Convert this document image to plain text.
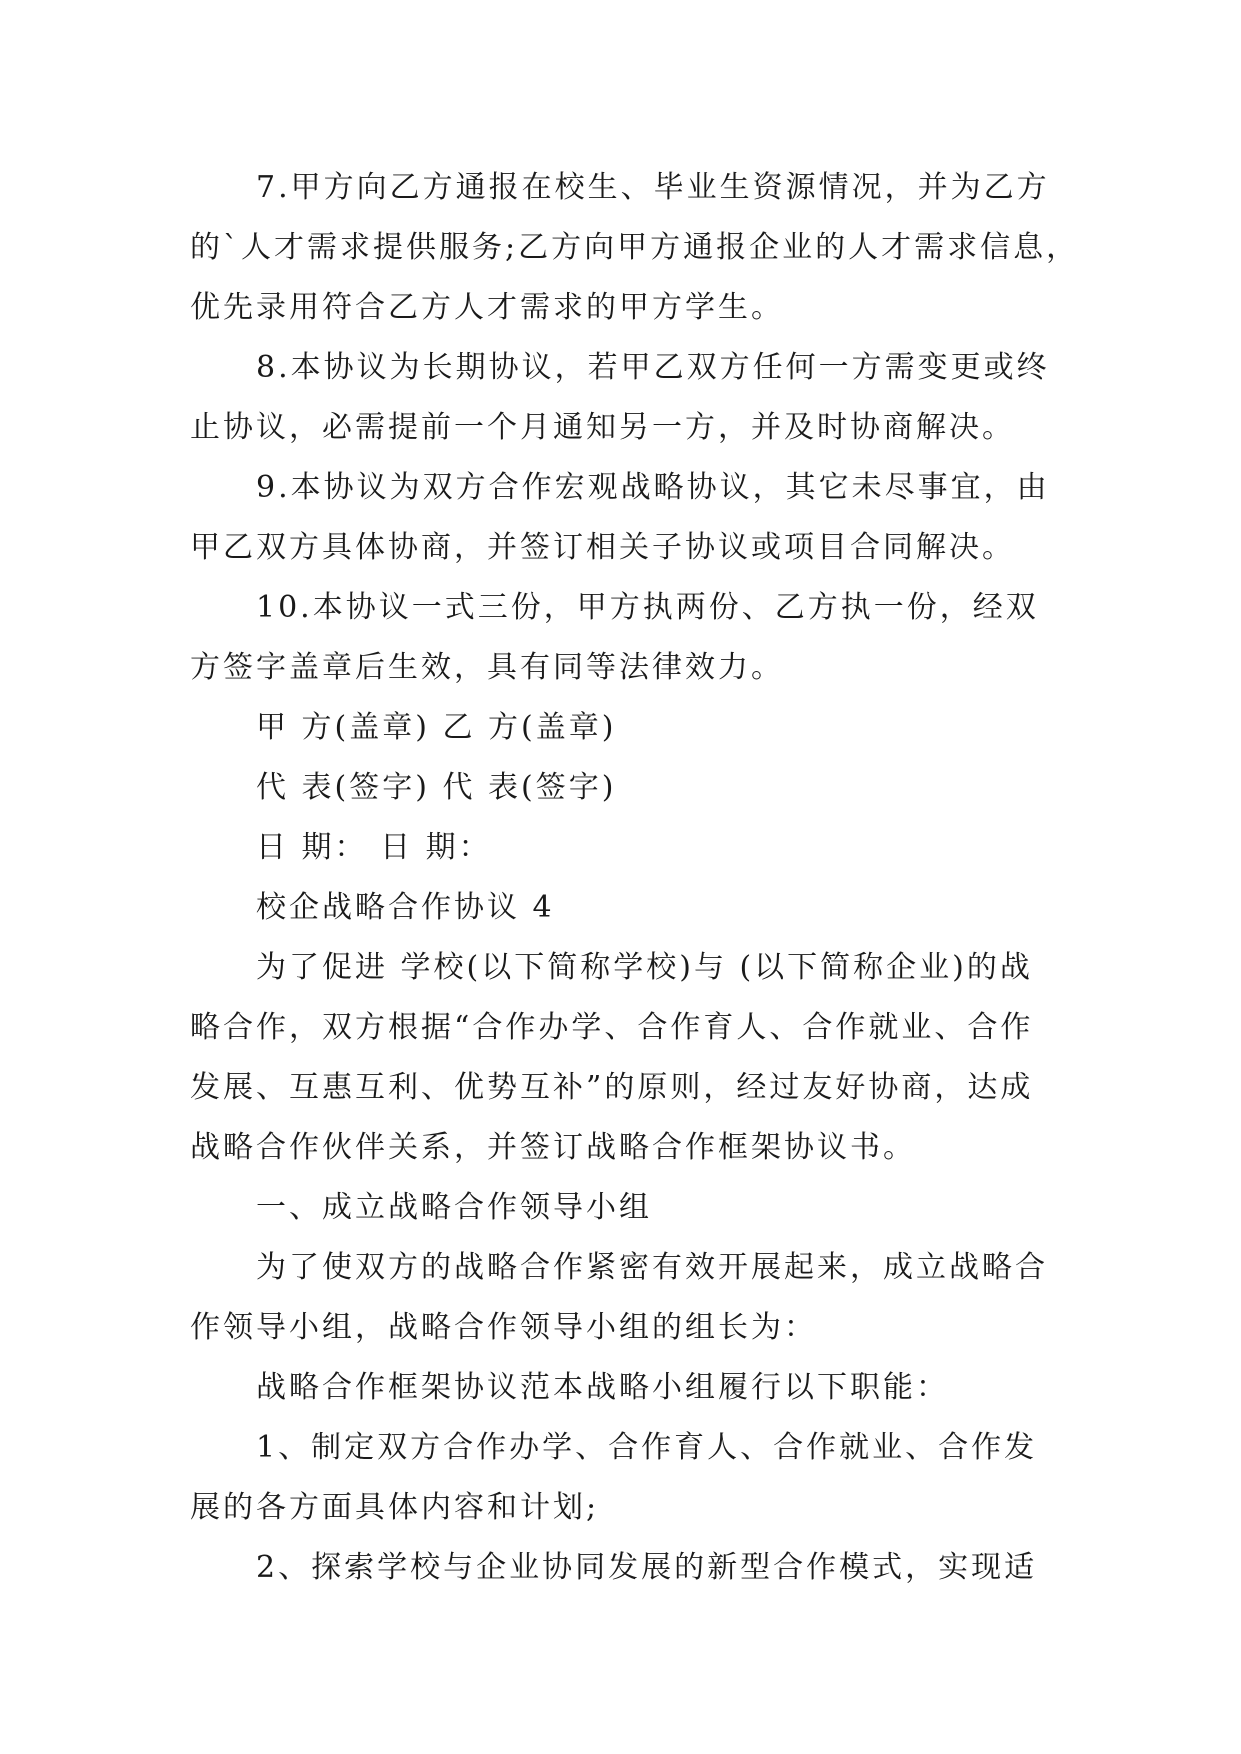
7.甲方向乙方通报在校生、毕业生资源情况，并为乙方
的`人才需求提供服务;乙方向甲方通报企业的人才需求信息，
优先录用符合乙方人才需求的甲方学生。
8.本协议为长期协议，若甲乙双方任何一方需变更或终
止协议，必需提前一个月通知另一方，并及时协商解决。
9.本协议为双方合作宏观战略协议，其它未尽事宜，由
甲乙双方具体协商，并签订相关子协议或项目合同解决。
10.本协议一式三份，甲方执两份、乙方执一份，经双
方签字盖章后生效，具有同等法律效力。
甲 方(盖章) 乙 方(盖章)
代 表(签字) 代 表(签字)
日 期： 日 期：
校企战略合作协议 4
为了促进 学校(以下简称学校)与 (以下简称企业)的战
略合作，双方根据“合作办学、合作育人、合作就业、合作
发展、互惠互利、优势互补”的原则，经过友好协商，达成
战略合作伙伴关系，并签订战略合作框架协议书。
一、成立战略合作领导小组
为了使双方的战略合作紧密有效开展起来，成立战略合
作领导小组，战略合作领导小组的组长为：
战略合作框架协议范本战略小组履行以下职能：
1、制定双方合作办学、合作育人、合作就业、合作发
展的各方面具体内容和计划;
2、探索学校与企业协同发展的新型合作模式，实现适
